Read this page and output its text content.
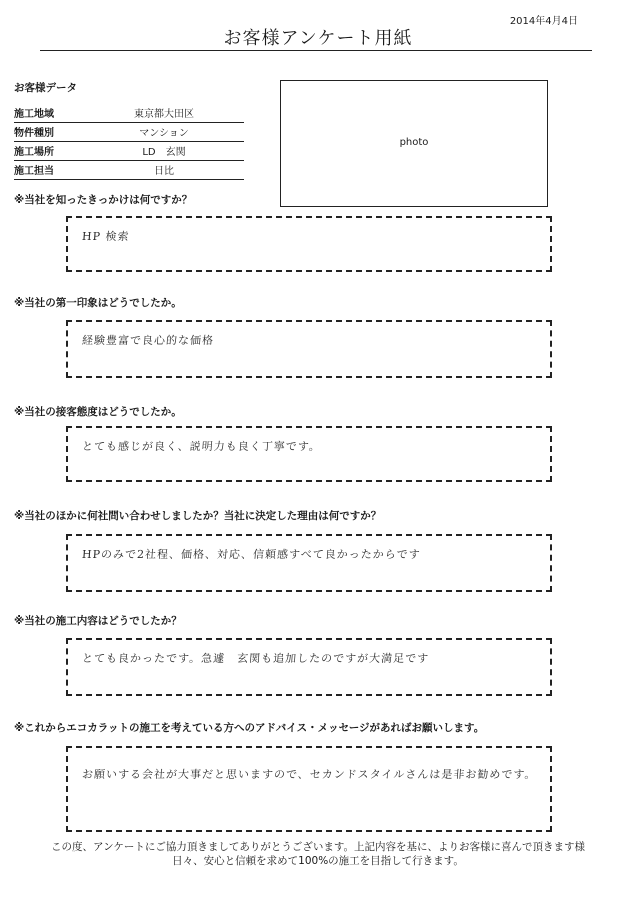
2014年4月4日
お客様アンケート用紙
お客様データ
施工地域	東京都大田区
物件種別	マンション
施工場所	LD　玄関
施工担当	日比
photo
※当社を知ったきっかけは何ですか？
HP 検索
※当社の第一印象はどうでしたか。
経験豊富で良心的な価格
※当社の接客態度はどうでしたか。
とても感じが良く、説明力も良く丁寧です。
※当社のほかに何社問い合わせしましたか？当社に決定した理由は何ですか？
HPのみで2社程、価格、対応、信頼感すべて良かったからです
※当社の施工内容はどうでしたか？
とても良かったです。急遽　玄関も追加したのですが大満足です
※これからエコカラットの施工を考えている方へのアドバイス・メッセージがあればお願いします。
お願いする会社が大事だと思いますので、セカンドスタイルさんは是非お勧めです。
この度、アンケートにご協力頂きましてありがとうございます。上記内容を基に、よりお客様に喜んで頂きます様
日々、安心と信頼を求めて100%の施工を目指して行きます。
